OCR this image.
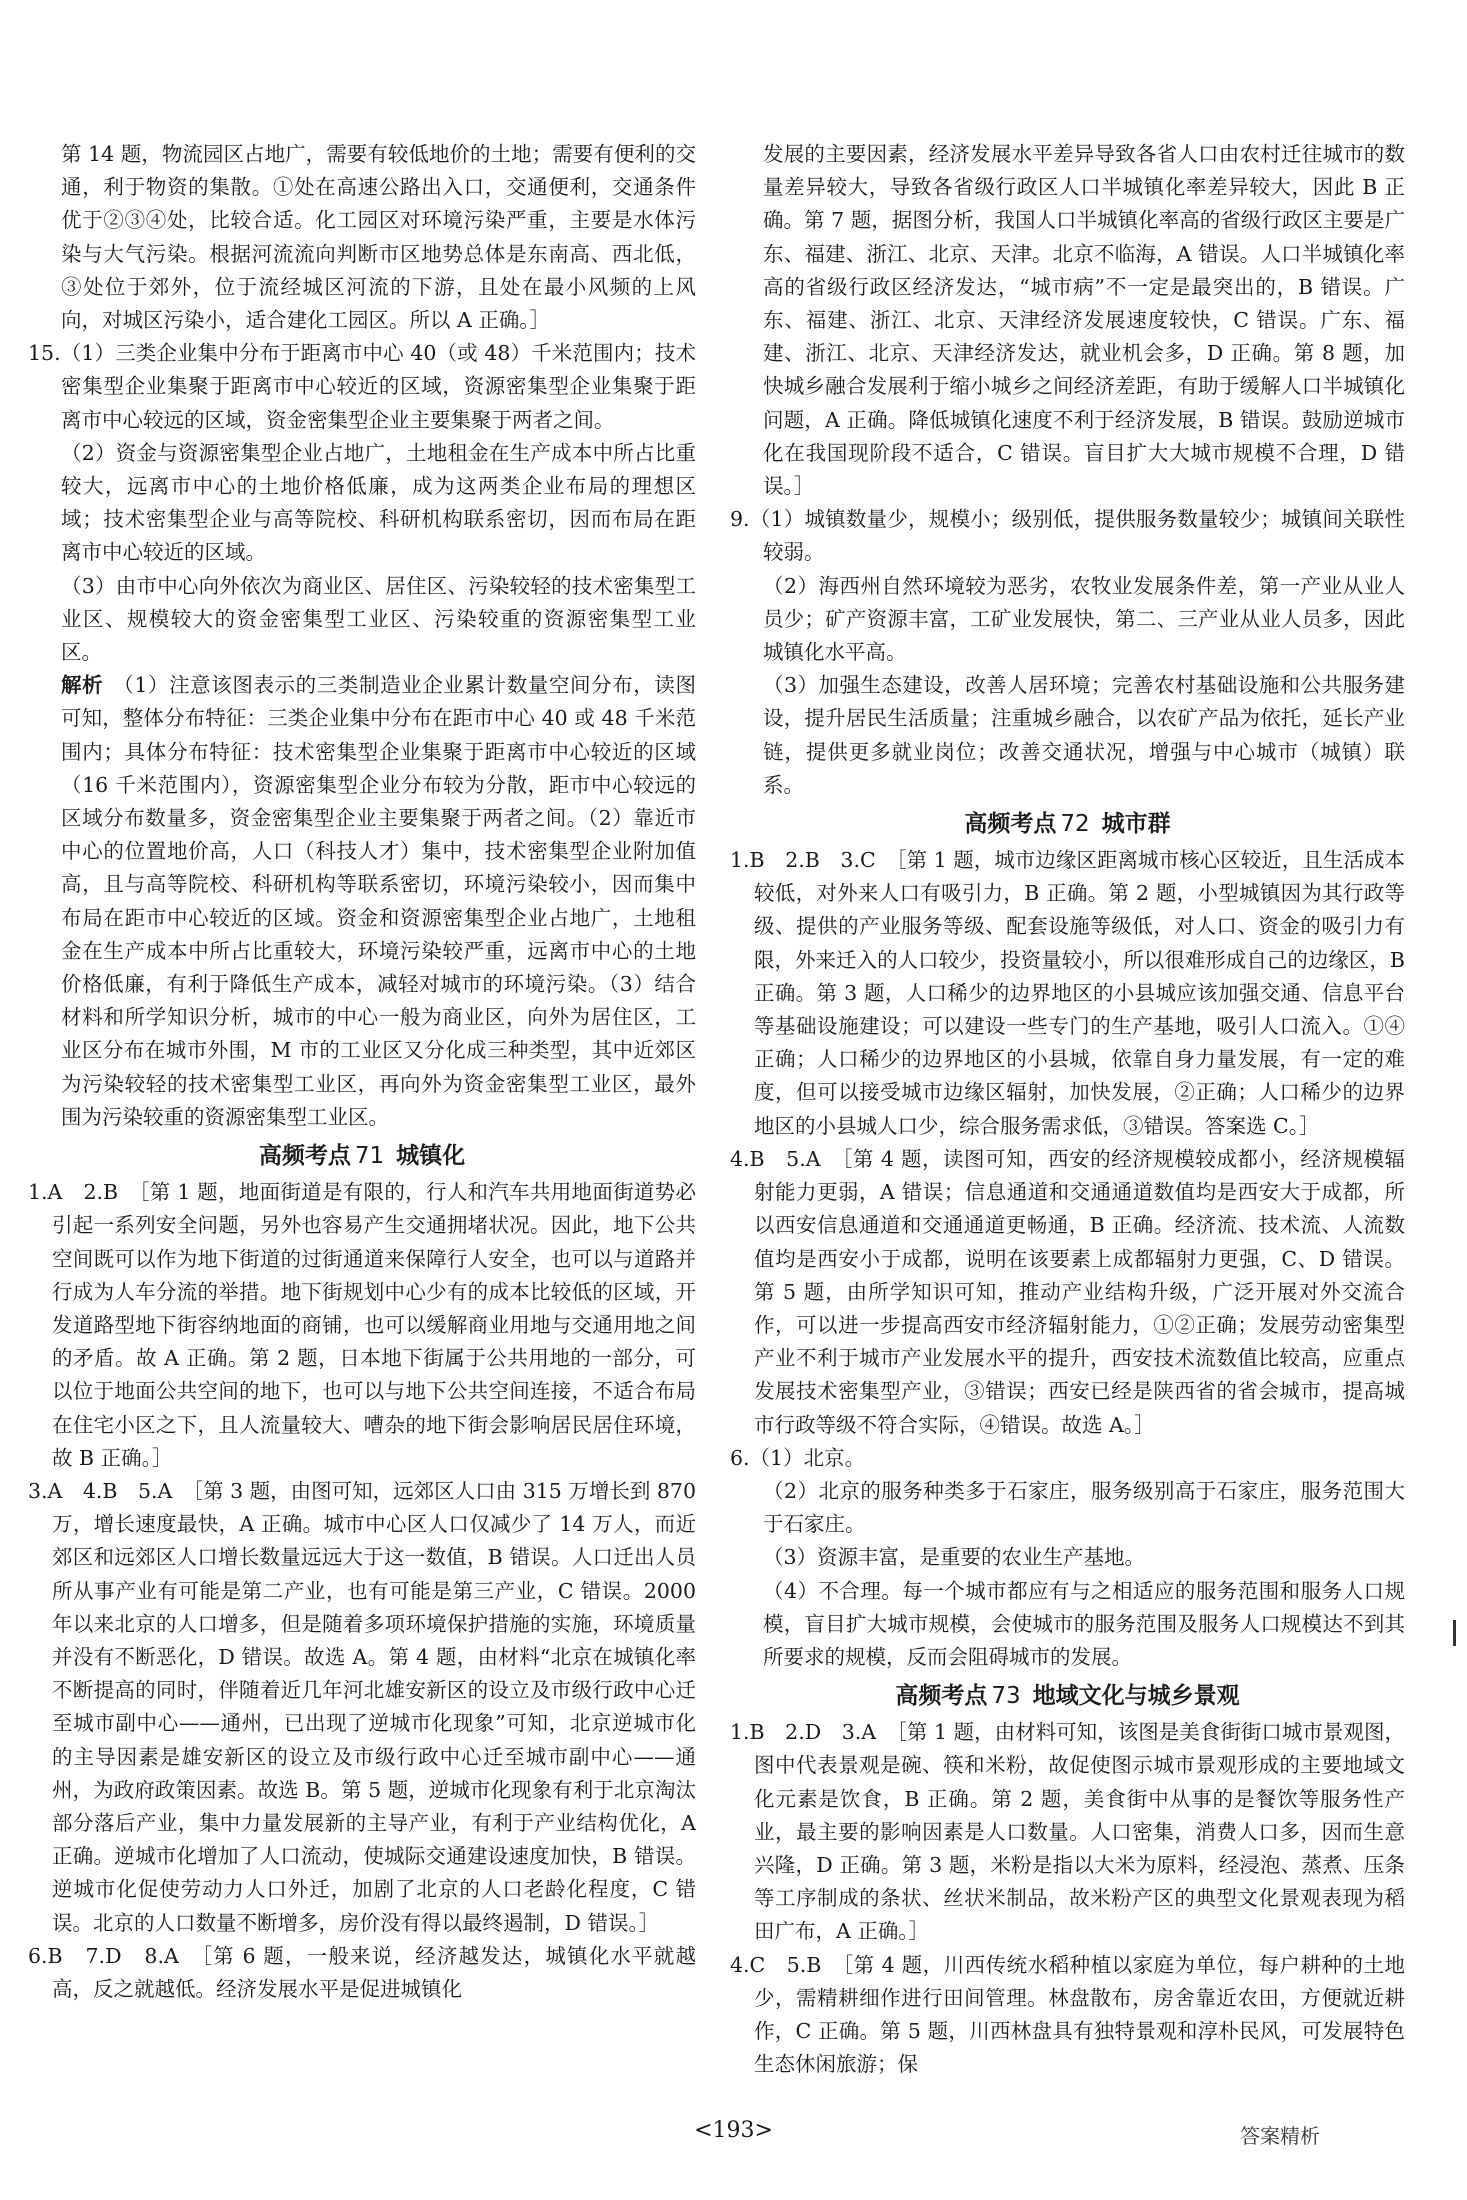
第 14 题，物流园区占地广，需要有较低地价的土地；需要有便利的交通，利于物资的集散。①处在高速公路出入口，交通便利，交通条件优于②③④处，比较合适。化工园区对环境污染严重，主要是水体污染与大气污染。根据河流流向判断市区地势总体是东南高、西北低，③处位于郊外，位于流经城区河流的下游，且处在最小风频的上风向，对城区污染小，适合建化工园区。所以 A 正确。］

15.（1）三类企业集中分布于距离市中心 40（或 48）千米范围内；技术密集型企业集聚于距离市中心较近的区域，资源密集型企业集聚于距离市中心较远的区域，资金密集型企业主要集聚于两者之间。

（2）资金与资源密集型企业占地广，土地租金在生产成本中所占比重较大，远离市中心的土地价格低廉，成为这两类企业布局的理想区域；技术密集型企业与高等院校、科研机构联系密切，因而布局在距离市中心较近的区域。

（3）由市中心向外依次为商业区、居住区、污染较轻的技术密集型工业区、规模较大的资金密集型工业区、污染较重的资源密集型工业区。

解析 （1）注意该图表示的三类制造业企业累计数量空间分布，读图可知，整体分布特征：三类企业集中分布在距市中心 40 或 48 千米范围内；具体分布特征：技术密集型企业集聚于距离市中心较近的区域（16 千米范围内），资源密集型企业分布较为分散，距市中心较远的区域分布数量多，资金密集型企业主要集聚于两者之间。（2）靠近市中心的位置地价高，人口（科技人才）集中，技术密集型企业附加值高，且与高等院校、科研机构等联系密切，环境污染较小，因而集中布局在距市中心较近的区域。资金和资源密集型企业占地广，土地租金在生产成本中所占比重较大，环境污染较严重，远离市中心的土地价格低廉，有利于降低生产成本，减轻对城市的环境污染。（3）结合材料和所学知识分析，城市的中心一般为商业区，向外为居住区，工业区分布在城市外围，M 市的工业区又分化成三种类型，其中近郊区为污染较轻的技术密集型工业区，再向外为资金密集型工业区，最外围为污染较重的资源密集型工业区。

高频考点 71 城镇化

1.A　2.B　［第 1 题，地面街道是有限的，行人和汽车共用地面街道势必引起一系列安全问题，另外也容易产生交通拥堵状况。因此，地下公共空间既可以作为地下街道的过街通道来保障行人安全，也可以与道路并行成为人车分流的举措。地下街规划中心少有的成本比较低的区域，开发道路型地下街容纳地面的商铺，也可以缓解商业用地与交通用地之间的矛盾。故 A 正确。第 2 题，日本地下街属于公共用地的一部分，可以位于地面公共空间的地下，也可以与地下公共空间连接，不适合布局在住宅小区之下，且人流量较大、嘈杂的地下街会影响居民居住环境，故 B 正确。］

3.A　4.B　5.A　［第 3 题，由图可知，远郊区人口由 315 万增长到 870 万，增长速度最快，A 正确。城市中心区人口仅减少了 14 万人，而近郊区和远郊区人口增长数量远远大于这一数值，B 错误。人口迁出人员所从事产业有可能是第二产业，也有可能是第三产业，C 错误。2000 年以来北京的人口增多，但是随着多项环境保护措施的实施，环境质量并没有不断恶化，D 错误。故选 A。第 4 题，由材料“北京在城镇化率不断提高的同时，伴随着近几年河北雄安新区的设立及市级行政中心迁至城市副中心——通州，已出现了逆城市化现象”可知，北京逆城市化的主导因素是雄安新区的设立及市级行政中心迁至城市副中心——通州，为政府政策因素。故选 B。第 5 题，逆城市化现象有利于北京淘汰部分落后产业，集中力量发展新的主导产业，有利于产业结构优化，A 正确。逆城市化增加了人口流动，使城际交通建设速度加快，B 错误。逆城市化促使劳动力人口外迁，加剧了北京的人口老龄化程度，C 错误。北京的人口数量不断增多，房价没有得以最终遏制，D 错误。］

6.B　7.D　8.A　［第 6 题，一般来说，经济越发达，城镇化水平就越高，反之就越低。经济发展水平是促进城镇化

发展的主要因素，经济发展水平差异导致各省人口由农村迁往城市的数量差异较大，导致各省级行政区人口半城镇化率差异较大，因此 B 正确。第 7 题，据图分析，我国人口半城镇化率高的省级行政区主要是广东、福建、浙江、北京、天津。北京不临海，A 错误。人口半城镇化率高的省级行政区经济发达，“城市病”不一定是最突出的，B 错误。广东、福建、浙江、北京、天津经济发展速度较快，C 错误。广东、福建、浙江、北京、天津经济发达，就业机会多，D 正确。第 8 题，加快城乡融合发展利于缩小城乡之间经济差距，有助于缓解人口半城镇化问题，A 正确。降低城镇化速度不利于经济发展，B 错误。鼓励逆城市化在我国现阶段不适合，C 错误。盲目扩大大城市规模不合理，D 错误。］

9.（1）城镇数量少，规模小；级别低，提供服务数量较少；城镇间关联性较弱。

（2）海西州自然环境较为恶劣，农牧业发展条件差，第一产业从业人员少；矿产资源丰富，工矿业发展快，第二、三产业从业人员多，因此城镇化水平高。

（3）加强生态建设，改善人居环境；完善农村基础设施和公共服务建设，提升居民生活质量；注重城乡融合，以农矿产品为依托，延长产业链，提供更多就业岗位；改善交通状况，增强与中心城市（城镇）联系。

高频考点 72 城市群

1.B　2.B　3.C　［第 1 题，城市边缘区距离城市核心区较近，且生活成本较低，对外来人口有吸引力，B 正确。第 2 题，小型城镇因为其行政等级、提供的产业服务等级、配套设施等级低，对人口、资金的吸引力有限，外来迁入的人口较少，投资量较小，所以很难形成自己的边缘区，B 正确。第 3 题，人口稀少的边界地区的小县城应该加强交通、信息平台等基础设施建设；可以建设一些专门的生产基地，吸引人口流入。①④正确；人口稀少的边界地区的小县城，依靠自身力量发展，有一定的难度，但可以接受城市边缘区辐射，加快发展，②正确；人口稀少的边界地区的小县城人口少，综合服务需求低，③错误。答案选 C。］

4.B　5.A　［第 4 题，读图可知，西安的经济规模较成都小，经济规模辐射能力更弱，A 错误；信息通道和交通通道数值均是西安大于成都，所以西安信息通道和交通通道更畅通，B 正确。经济流、技术流、人流数值均是西安小于成都，说明在该要素上成都辐射力更强，C、D 错误。第 5 题，由所学知识可知，推动产业结构升级，广泛开展对外交流合作，可以进一步提高西安市经济辐射能力，①②正确；发展劳动密集型产业不利于城市产业发展水平的提升，西安技术流数值比较高，应重点发展技术密集型产业，③错误；西安已经是陕西省的省会城市，提高城市行政等级不符合实际，④错误。故选 A。］

6.（1）北京。

（2）北京的服务种类多于石家庄，服务级别高于石家庄，服务范围大于石家庄。

（3）资源丰富，是重要的农业生产基地。

（4）不合理。每一个城市都应有与之相适应的服务范围和服务人口规模，盲目扩大城市规模，会使城市的服务范围及服务人口规模达不到其所要求的规模，反而会阻碍城市的发展。

高频考点 73 地域文化与城乡景观

1.B　2.D　3.A　［第 1 题，由材料可知，该图是美食街街口城市景观图，图中代表景观是碗、筷和米粉，故促使图示城市景观形成的主要地域文化元素是饮食，B 正确。第 2 题，美食街中从事的是餐饮等服务性产业，最主要的影响因素是人口数量。人口密集，消费人口多，因而生意兴隆，D 正确。第 3 题，米粉是指以大米为原料，经浸泡、蒸煮、压条等工序制成的条状、丝状米制品，故米粉产区的典型文化景观表现为稻田广布，A 正确。］

4.C　5.B　［第 4 题，川西传统水稻种植以家庭为单位，每户耕种的土地少，需精耕细作进行田间管理。林盘散布，房舍靠近农田，方便就近耕作，C 正确。第 5 题，川西林盘具有独特景观和淳朴民风，可发展特色生态休闲旅游；保

<193>	答案精析
